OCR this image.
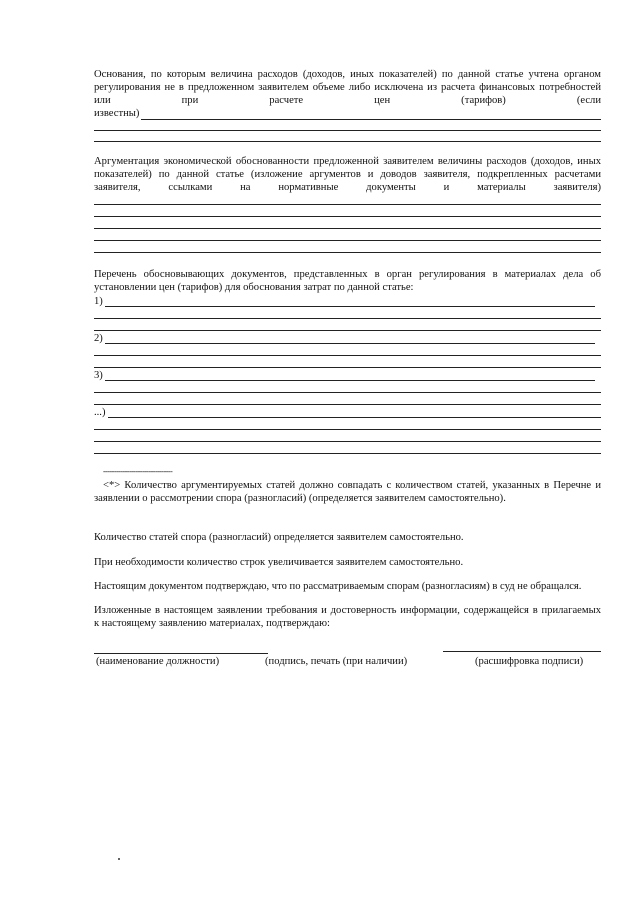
Основания, по которым величина расходов (доходов, иных показателей) по данной статье учтена органом
регулирования не в предложенном заявителем объеме либо исключена из расчета финансовых потребностей
или при расчете цен (тарифов) (если
известны)
Аргументация экономической обоснованности предложенной заявителем величины расходов (доходов, иных
показателей) по данной статье (изложение аргументов и доводов заявителя, подкрепленных расчетами
заявителя, ссылками на нормативные документы и материалы заявителя)
Перечень обосновывающих документов, представленных в орган регулирования в материалах дела об
установлении цен (тарифов) для обоснования затрат по данной статье:
1)
2)
3)
...)
--------------------------------
<*> Количество аргументируемых статей должно совпадать с количеством статей, указанных в Перечне и
заявлении о рассмотрении спора (разногласий) (определяется заявителем самостоятельно).
Количество статей спора (разногласий) определяется заявителем самостоятельно.
При необходимости количество строк увеличивается заявителем самостоятельно.
Настоящим документом подтверждаю, что по рассматриваемым спорам (разногласиям) в суд не обращался.
Изложенные в настоящем заявлении требования и достоверность информации, содержащейся в прилагаемых
к настоящему заявлению материалах, подтверждаю:
(наименование должности)	(подпись, печать (при наличии)	(расшифровка подписи)
